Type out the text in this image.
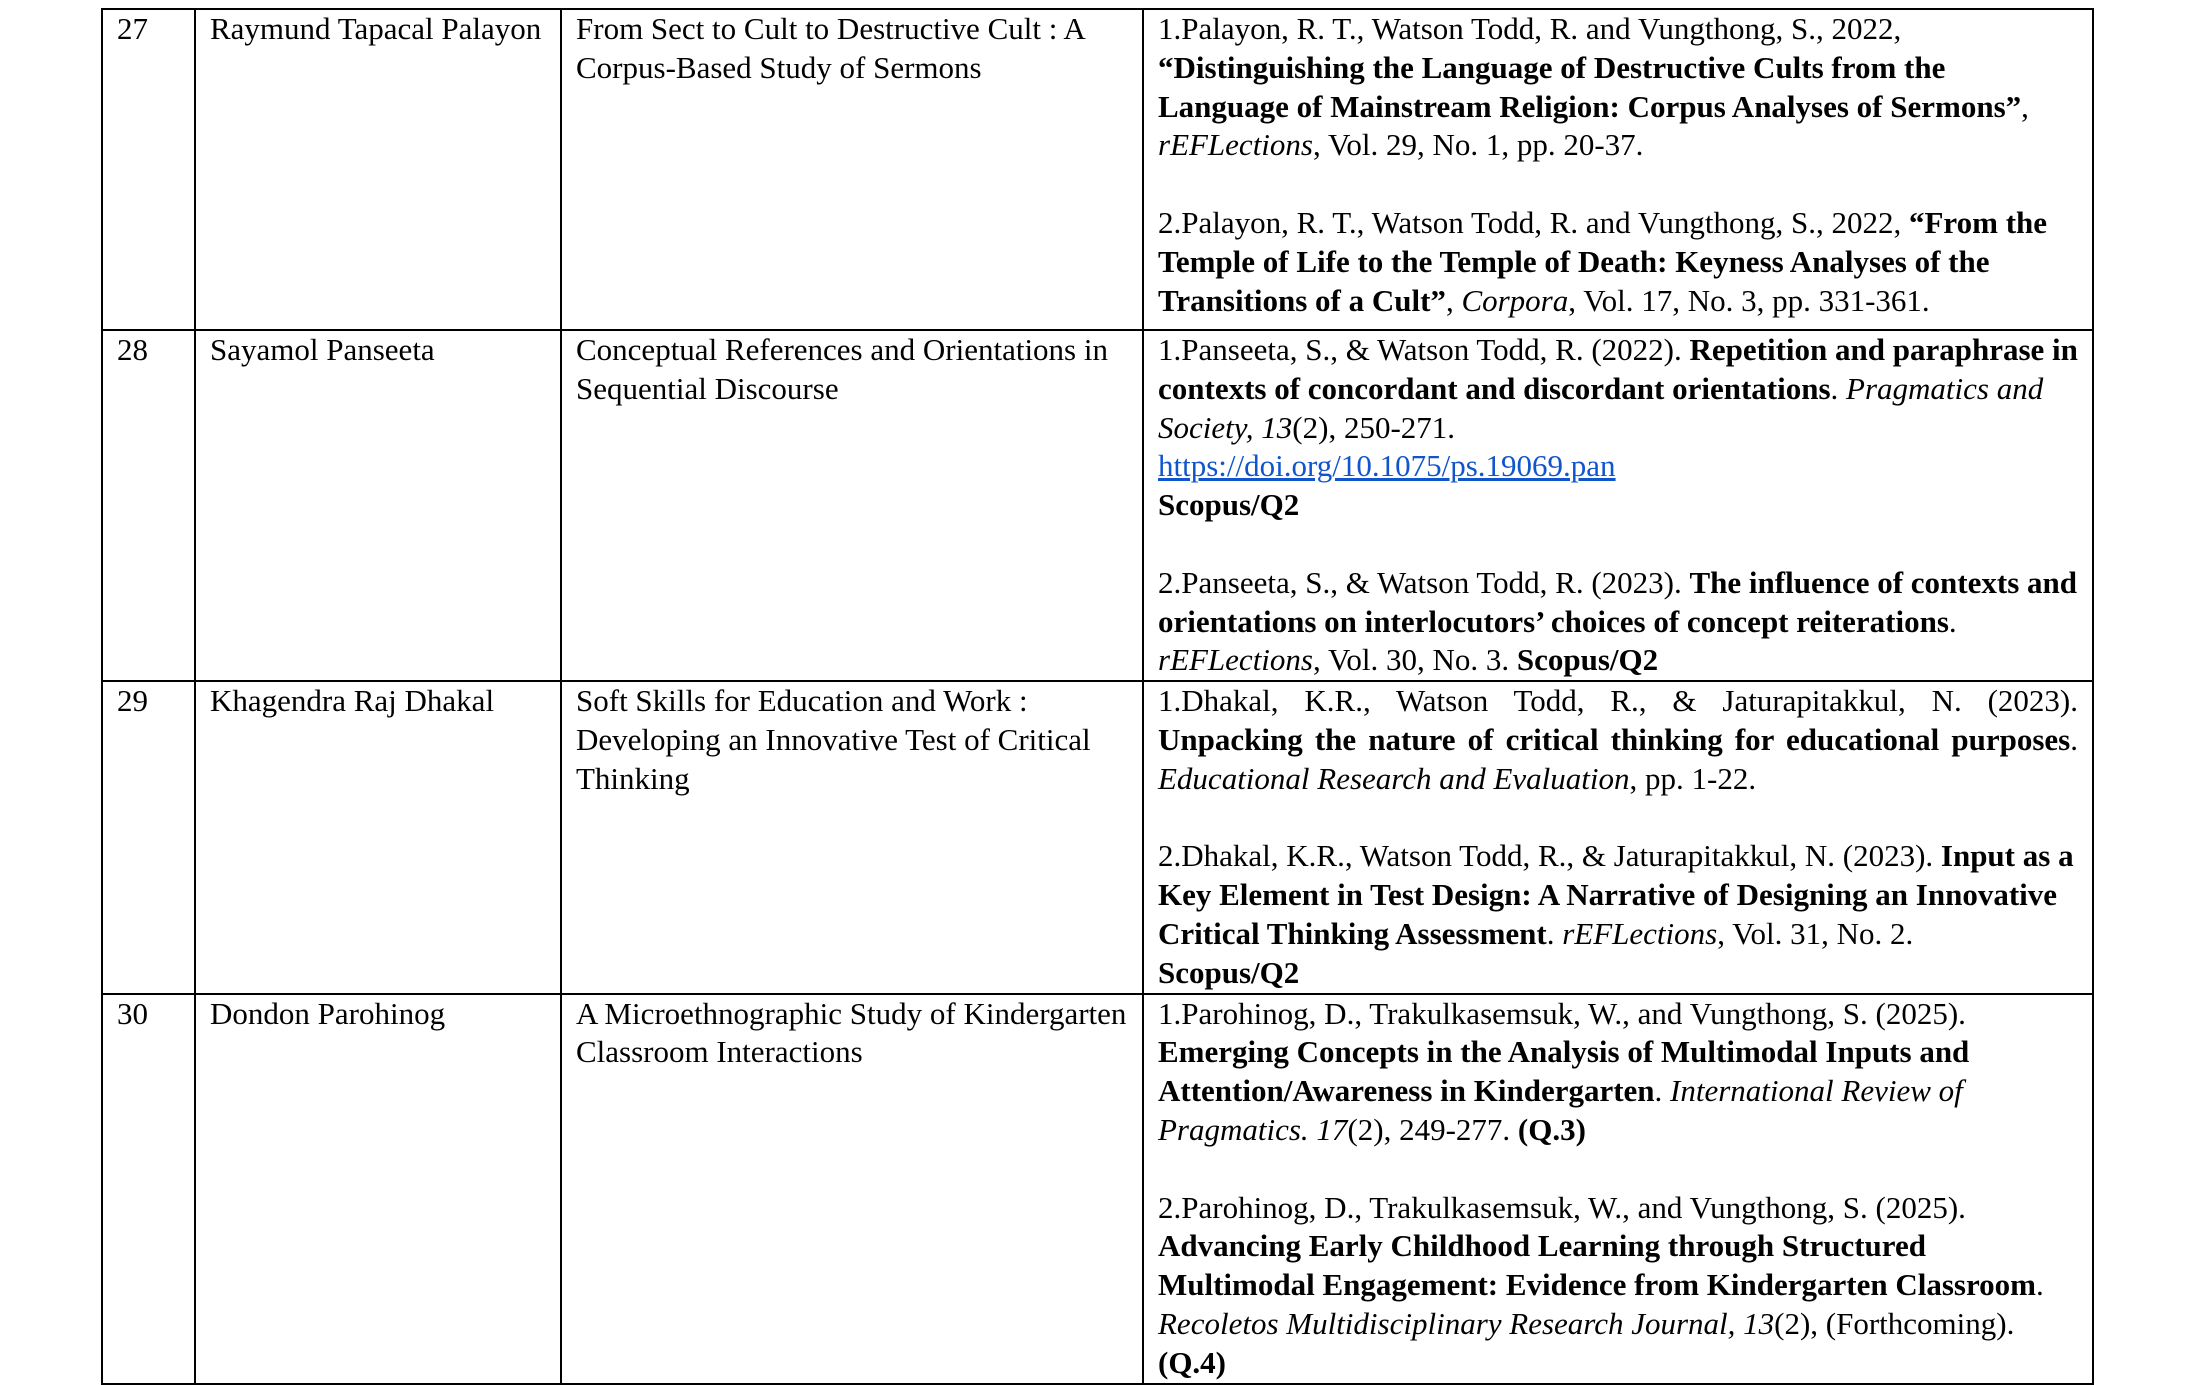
27	Raymund Tapacal Palayon	From Sect to Cult to Destructive Cult : A Corpus-Based Study of Sermons	1.Palayon, R. T., Watson Todd, R. and Vungthong, S., 2022, “Distinguishing the Language of Destructive Cults from the Language of Mainstream Religion: Corpus Analyses of Sermons”, rEFLections, Vol. 29, No. 1, pp. 20-37.

2.Palayon, R. T., Watson Todd, R. and Vungthong, S., 2022, “From the Temple of Life to the Temple of Death: Keyness Analyses of the Transitions of a Cult”, Corpora, Vol. 17, No. 3, pp. 331-361.

28	Sayamol Panseeta	Conceptual References and Orientations in Sequential Discourse	1.Panseeta, S., & Watson Todd, R. (2022). Repetition and paraphrase in contexts of concordant and discordant orientations. Pragmatics and Society, 13(2), 250-271.
https://doi.org/10.1075/ps.19069.pan
Scopus/Q2

2.Panseeta, S., & Watson Todd, R. (2023). The influence of contexts and orientations on interlocutors’ choices of concept reiterations. rEFLections, Vol. 30, No. 3. Scopus/Q2

29	Khagendra Raj Dhakal	Soft Skills for Education and Work : Developing an Innovative Test of Critical Thinking	1.Dhakal, K.R., Watson Todd, R., & Jaturapitakkul, N. (2023). Unpacking the nature of critical thinking for educational purposes. Educational Research and Evaluation, pp. 1-22.

2.Dhakal, K.R., Watson Todd, R., & Jaturapitakkul, N. (2023). Input as a Key Element in Test Design: A Narrative of Designing an Innovative Critical Thinking Assessment. rEFLections, Vol. 31, No. 2.
Scopus/Q2

30	Dondon Parohinog	A Microethnographic Study of Kindergarten Classroom Interactions	1.Parohinog, D., Trakulkasemsuk, W., and Vungthong, S. (2025). Emerging Concepts in the Analysis of Multimodal Inputs and Attention/Awareness in Kindergarten. International Review of Pragmatics. 17(2), 249-277. (Q.3)

2.Parohinog, D., Trakulkasemsuk, W., and Vungthong, S. (2025). Advancing Early Childhood Learning through Structured Multimodal Engagement: Evidence from Kindergarten Classroom. Recoletos Multidisciplinary Research Journal, 13(2), (Forthcoming). (Q.4)
